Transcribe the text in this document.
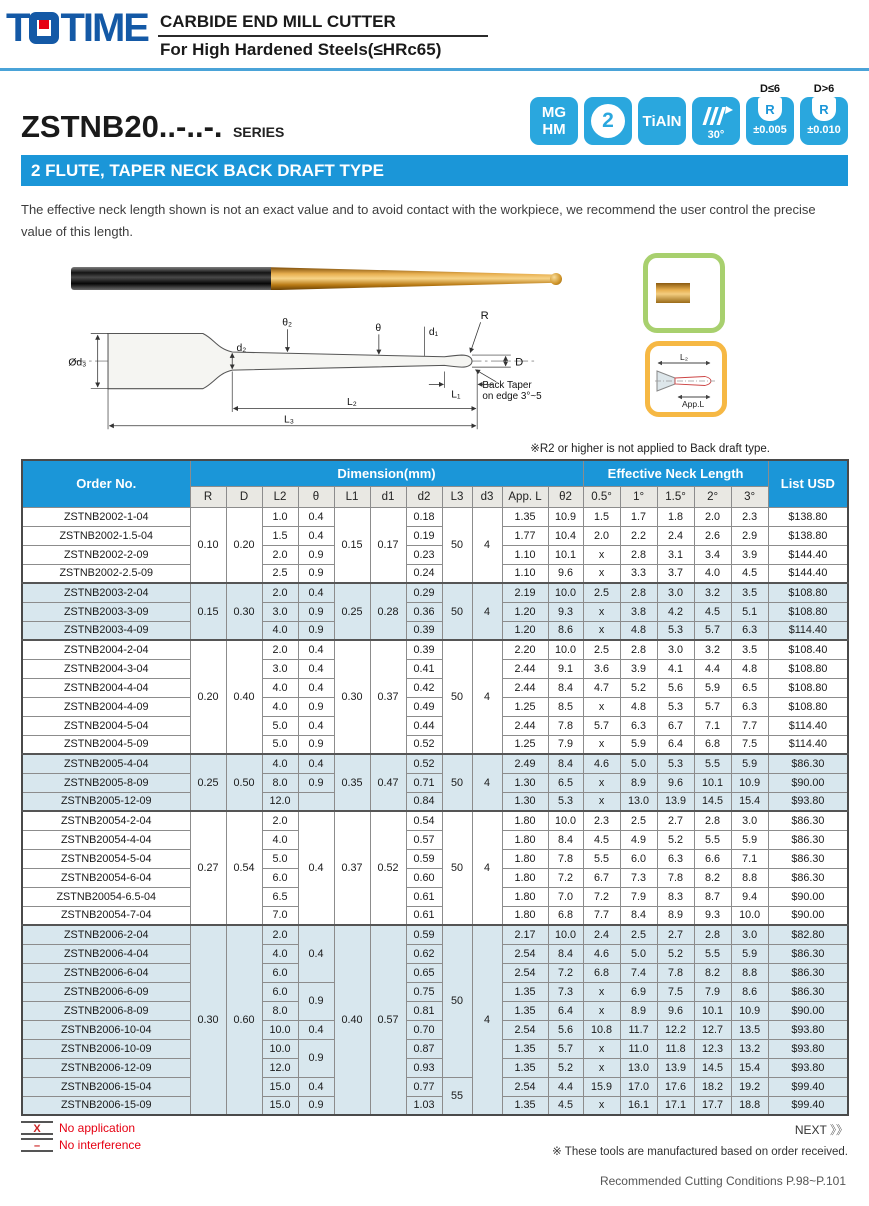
T TIME CARBIDE END MILL CUTTER
For High Hardened Steels(≤HRc65)
ZSTNB20..-..-. SERIES
MG
HM 2 TiAlN
30°
D≤6
R
±0.005
D>6
R
±0.010
2 FLUTE, TAPER NECK BACK DRAFT TYPE

The effective neck length shown is not an exact value and to avoid contact with the workpiece, we recommend the user control the precise value of this length.

Ød₃
d₂
θ₂	θ	d₁
R
D
Back Taper
on edge 3°~5
L₁
L₂
L₃
L₂
App.L
※R2 or higher is not applied to Back draft type.
Order No.	Dimension(mm)											Effective Neck Length					List USD
	R	D	L2	θ	L1	d1	d2	L3	d3	App. L	θ2	0.5°	1°	1.5°	2°	3°	
ZSTNB2002-1-04	0.10	0.20	1.0	0.4	0.15	0.17	0.18	50	4	1.35	10.9	1.5	1.7	1.8	2.0	2.3	$138.80
ZSTNB2002-1.5-04			1.5	0.4			0.19			1.77	10.4	2.0	2.2	2.4	2.6	2.9	$138.80
ZSTNB2002-2-09			2.0	0.9			0.23			1.10	10.1	x	2.8	3.1	3.4	3.9	$144.40
ZSTNB2002-2.5-09			2.5	0.9			0.24			1.10	9.6	x	3.3	3.7	4.0	4.5	$144.40
ZSTNB2003-2-04	0.15	0.30	2.0	0.4	0.25	0.28	0.29	50	4	2.19	10.0	2.5	2.8	3.0	3.2	3.5	$108.80
ZSTNB2003-3-09			3.0	0.9			0.36			1.20	9.3	x	3.8	4.2	4.5	5.1	$108.80
ZSTNB2003-4-09			4.0	0.9			0.39			1.20	8.6	x	4.8	5.3	5.7	6.3	$114.40
ZSTNB2004-2-04	0.20	0.40	2.0	0.4	0.30	0.37	0.39	50	4	2.20	10.0	2.5	2.8	3.0	3.2	3.5	$108.40
ZSTNB2004-3-04			3.0	0.4			0.41			2.44	9.1	3.6	3.9	4.1	4.4	4.8	$108.80
ZSTNB2004-4-04			4.0	0.4			0.42			2.44	8.4	4.7	5.2	5.6	5.9	6.5	$108.80
ZSTNB2004-4-09			4.0	0.9			0.49			1.25	8.5	x	4.8	5.3	5.7	6.3	$108.80
ZSTNB2004-5-04			5.0	0.4			0.44			2.44	7.8	5.7	6.3	6.7	7.1	7.7	$114.40
ZSTNB2004-5-09			5.0	0.9			0.52			1.25	7.9	x	5.9	6.4	6.8	7.5	$114.40
ZSTNB2005-4-04	0.25	0.50	4.0	0.4	0.35	0.47	0.52	50	4	2.49	8.4	4.6	5.0	5.3	5.5	5.9	$86.30
ZSTNB2005-8-09			8.0	0.9			0.71			1.30	6.5	x	8.9	9.6	10.1	10.9	$90.00
ZSTNB2005-12-09			12.0				0.84			1.30	5.3	x	13.0	13.9	14.5	15.4	$93.80
ZSTNB20054-2-04	0.27	0.54	2.0	0.4	0.37	0.52	0.54	50	4	1.80	10.0	2.3	2.5	2.7	2.8	3.0	$86.30
ZSTNB20054-4-04			4.0				0.57			1.80	8.4	4.5	4.9	5.2	5.5	5.9	$86.30
ZSTNB20054-5-04			5.0				0.59			1.80	7.8	5.5	6.0	6.3	6.6	7.1	$86.30
ZSTNB20054-6-04			6.0				0.60			1.80	7.2	6.7	7.3	7.8	8.2	8.8	$86.30
ZSTNB20054-6.5-04			6.5				0.61			1.80	7.0	7.2	7.9	8.3	8.7	9.4	$90.00
ZSTNB20054-7-04			7.0				0.61			1.80	6.8	7.7	8.4	8.9	9.3	10.0	$90.00
ZSTNB2006-2-04	0.30	0.60	2.0	0.4	0.40	0.57	0.59	50	4	2.17	10.0	2.4	2.5	2.7	2.8	3.0	$82.80
ZSTNB2006-4-04			4.0				0.62			2.54	8.4	4.6	5.0	5.2	5.5	5.9	$86.30
ZSTNB2006-6-04			6.0				0.65			2.54	7.2	6.8	7.4	7.8	8.2	8.8	$86.30
ZSTNB2006-6-09			6.0	0.9			0.75			1.35	7.3	x	6.9	7.5	7.9	8.6	$86.30
ZSTNB2006-8-09			8.0				0.81			1.35	6.4	x	8.9	9.6	10.1	10.9	$90.00
ZSTNB2006-10-04			10.0	0.4			0.70			2.54	5.6	10.8	11.7	12.2	12.7	13.5	$93.80
ZSTNB2006-10-09			10.0	0.9			0.87			1.35	5.7	x	11.0	11.8	12.3	13.2	$93.80
ZSTNB2006-12-09			12.0				0.93			1.35	5.2	x	13.0	13.9	14.5	15.4	$93.80
ZSTNB2006-15-04			15.0	0.4			0.77	55		2.54	4.4	15.9	17.0	17.6	18.2	19.2	$99.40
ZSTNB2006-15-09			15.0	0.9			1.03			1.35	4.5	x	16.1	17.1	17.7	18.8	$99.40
X	No application
–	No interference
NEXT 》》
※ These tools are manufactured based on order received.
Recommended Cutting Conditions P.98~P.101
